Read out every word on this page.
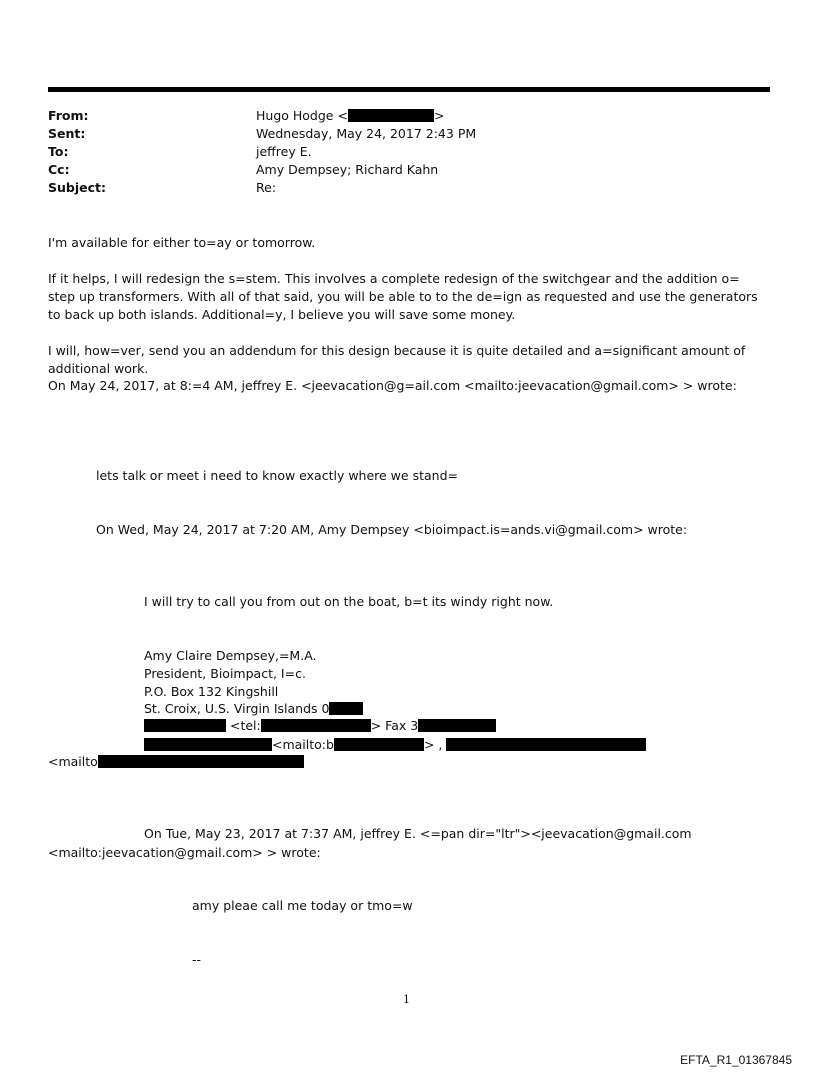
From:	Hugo Hodge <	>
Sent:	Wednesday, May 24, 2017 2:43 PM
To:	jeffrey E.
Cc:	Amy Dempsey; Richard Kahn
Subject:	Re:
I'm available for either to=ay or tomorrow.
If it helps, I will redesign the s=stem. This involves a complete redesign of the switchgear and the addition o= step up transformers. With all of that said, you will be able to to the de=ign as requested and use the generators to back up both islands. Additional=y, I believe you will save some money.
I will, how=ver, send you an addendum for this design because it is quite detailed and a=significant amount of additional work.
On May 24, 2017, at 8:=4 AM, jeffrey E. <jeevacation@g=ail.com <mailto:jeevacation@gmail.com> > wrote:
lets talk or meet i need to know exactly where we stand=
On Wed, May 24, 2017 at 7:20 AM, Amy Dempsey <bioimpact.is=ands.vi@gmail.com> wrote:
I will try to call you from out on the boat, b=t its windy right now.
Amy Claire Dempsey,=M.A.
President, Bioimpact, I=c.
P.O. Box 132 Kingshill
St. Croix, U.S. Virgin Islands 0
<tel:	> Fax 3
<mailto:b	> ,
<mailto
On Tue, May 23, 2017 at 7:37 AM, jeffrey E. <=pan dir="ltr"><jeevacation@gmail.com
<mailto:jeevacation@gmail.com> > wrote:
amy pleae call me today or tmo=w
--
1
EFTA_R1_01367845
